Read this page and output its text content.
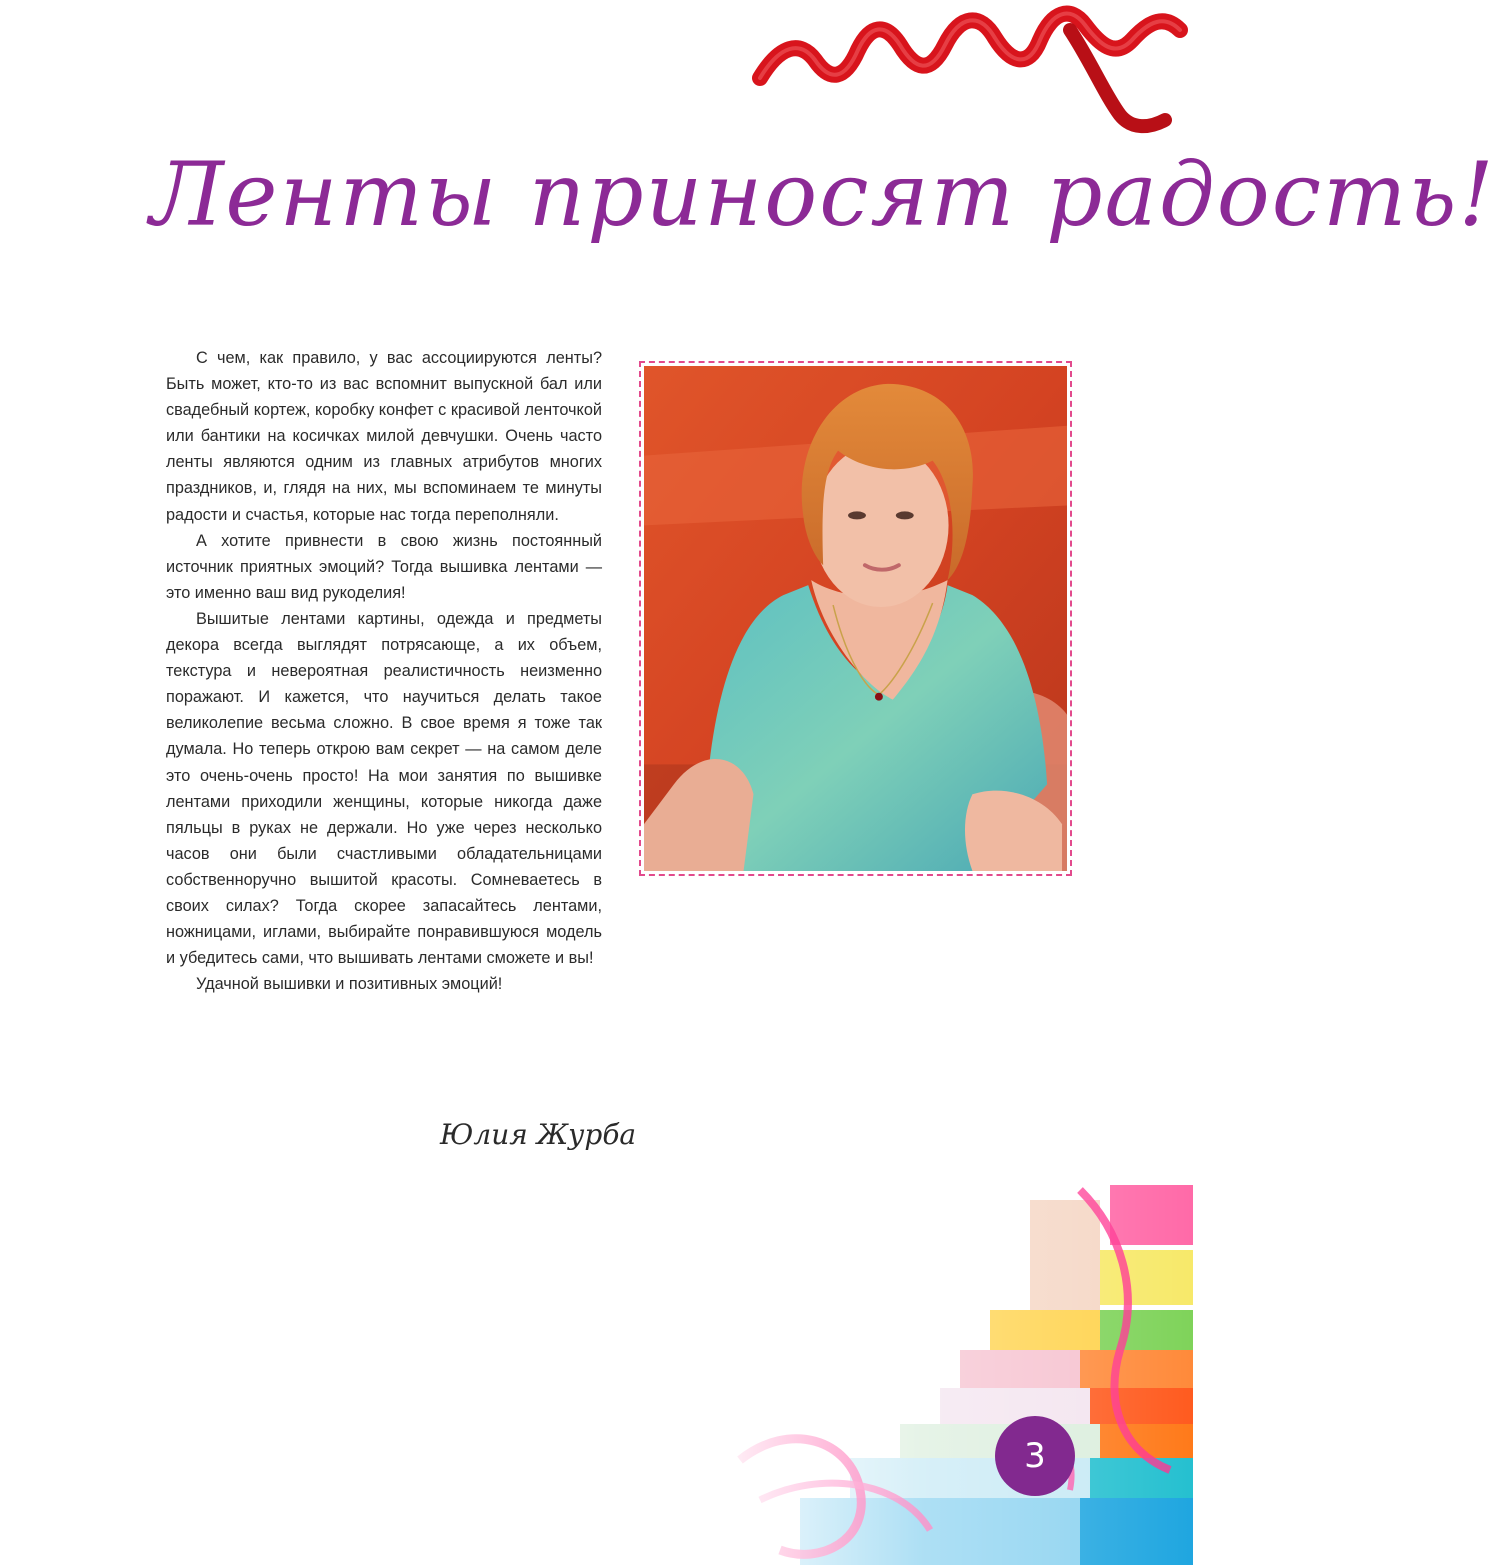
Ленты приносят радость!

С чем, как правило, у вас ассоциируются ленты? Быть может, кто-то из вас вспомнит выпускной бал или свадебный кортеж, коробку конфет с красивой ленточкой или бантики на косичках милой девчушки. Очень часто ленты являются одним из главных атрибутов многих праздников, и, глядя на них, мы вспоминаем те минуты радости и счастья, которые нас тогда переполняли.

А хотите привнести в свою жизнь постоянный источник приятных эмоций? Тогда вышивка лентами — это именно ваш вид рукоделия!

Вышитые лентами картины, одежда и предметы декора всегда выглядят потрясающе, а их объем, текстура и невероятная реалистичность неизменно поражают. И кажется, что научиться делать такое великолепие весьма сложно. В свое время я тоже так думала. Но теперь открою вам секрет — на самом деле это очень-очень просто! На мои занятия по вышивке лентами приходили женщины, которые никогда даже пяльцы в руках не держали. Но уже через несколько часов они были счастливыми обладательницами собственноручно вышитой красоты. Сомневаетесь в своих силах? Тогда скорее запасайтесь лентами, ножницами, иглами, выбирайте понравившуюся модель и убедитесь сами, что вышивать лентами сможете и вы!

Удачной вышивки и позитивных эмоций!

Юлия Журба
3
